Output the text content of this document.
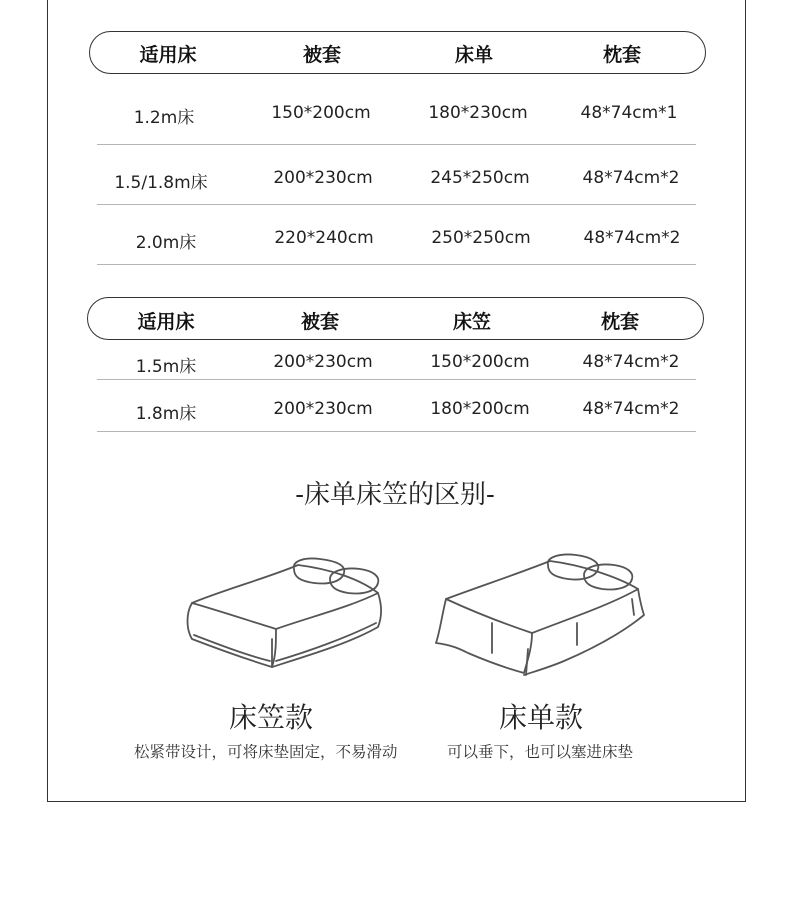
适用床	被套	床单	枕套
1.2m床	150*200cm	180*230cm	48*74cm*1
1.5/1.8m床	200*230cm	245*250cm	48*74cm*2
2.0m床	220*240cm	250*250cm	48*74cm*2
适用床	被套	床笠	枕套
1.5m床	200*230cm	150*200cm	48*74cm*2
1.8m床	200*230cm	180*200cm	48*74cm*2
-床单床笠的区别-
床笠款	床单款
松紧带设计，可将床垫固定，不易滑动	可以垂下，也可以塞进床垫
